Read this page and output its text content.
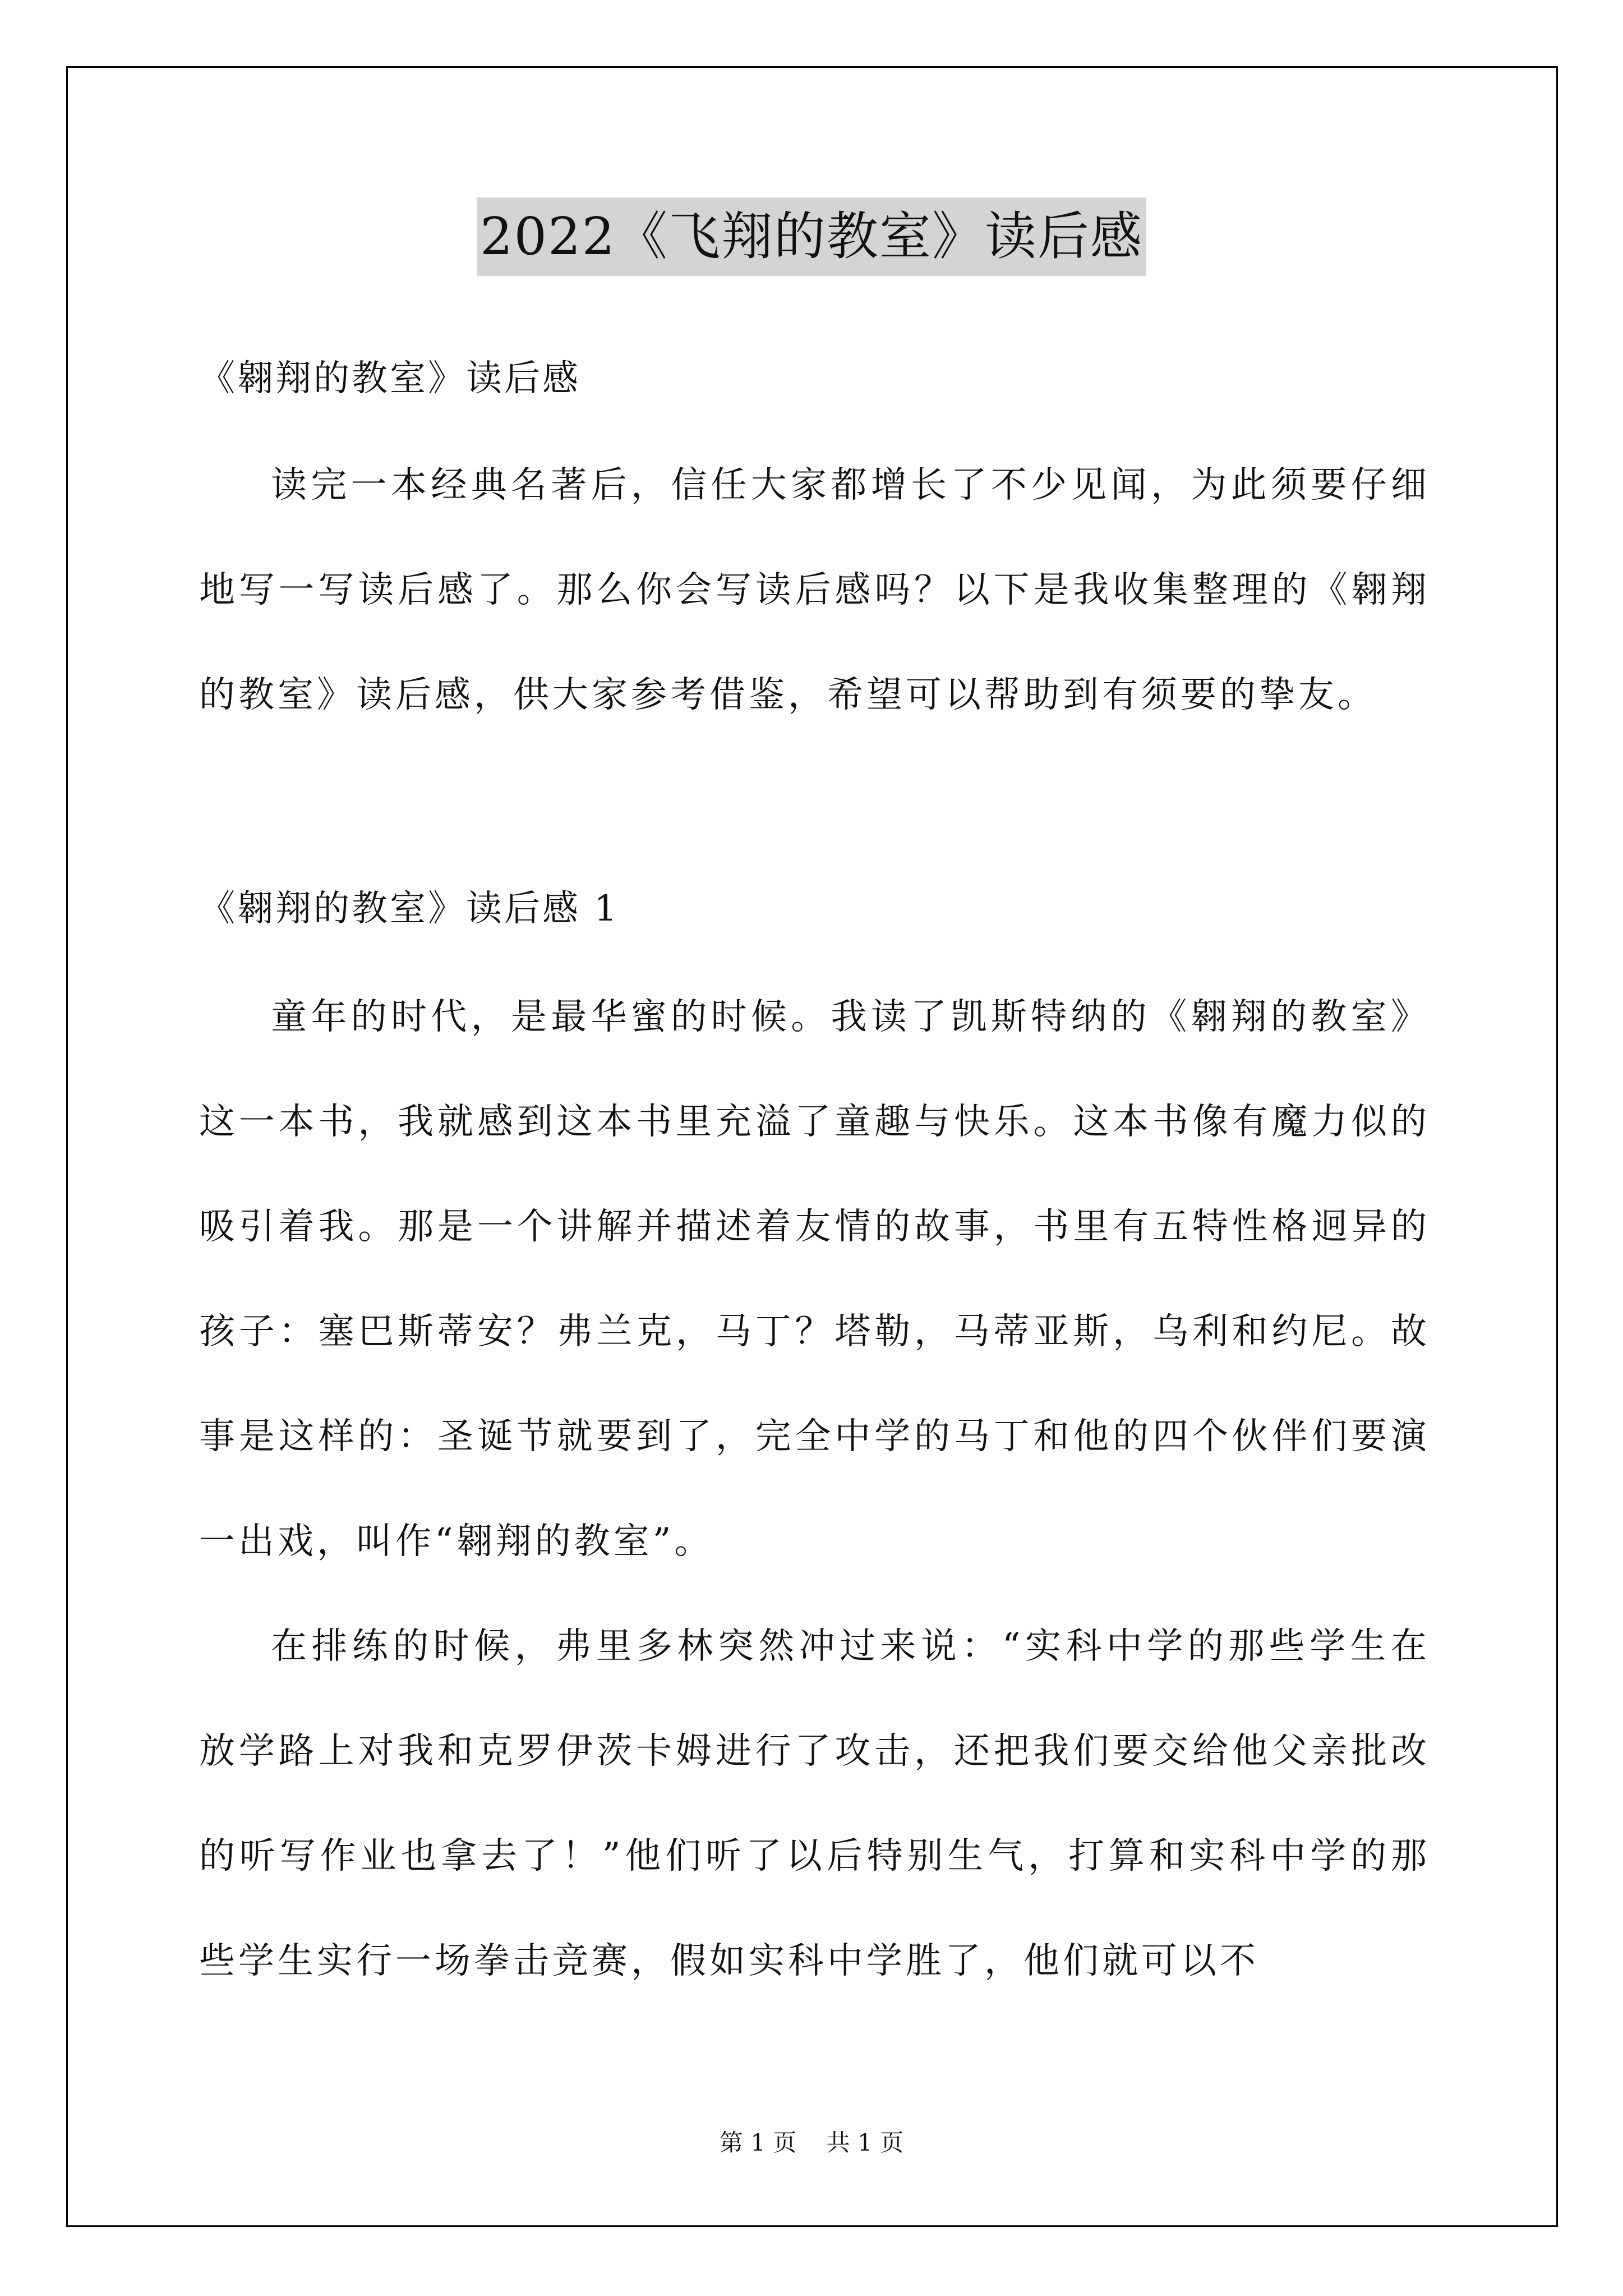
2022《飞翔的教室》读后感
《翱翔的教室》读后感

读完一本经典名著后，信任大家都增长了不少见闻，为此须要仔细地写一写读后感了。那么你会写读后感吗？以下是我收集整理的《翱翔的教室》读后感，供大家参考借鉴，希望可以帮助到有须要的挚友。

《翱翔的教室》读后感 1

童年的时代，是最华蜜的时候。我读了凯斯特纳的《翱翔的教室》这一本书，我就感到这本书里充溢了童趣与快乐。这本书像有魔力似的吸引着我。那是一个讲解并描述着友情的故事，书里有五特性格迥异的孩子：塞巴斯蒂安？弗兰克，马丁？塔勒，马蒂亚斯，乌利和约尼。故事是这样的：圣诞节就要到了，完全中学的马丁和他的四个伙伴们要演一出戏，叫作“翱翔的教室”。

在排练的时候，弗里多林突然冲过来说：“实科中学的那些学生在放学路上对我和克罗伊茨卡姆进行了攻击，还把我们要交给他父亲批改的听写作业也拿去了！”他们听了以后特别生气，打算和实科中学的那些学生实行一场拳击竞赛，假如实科中学胜了，他们就可以不

第 1 页 共 1 页
